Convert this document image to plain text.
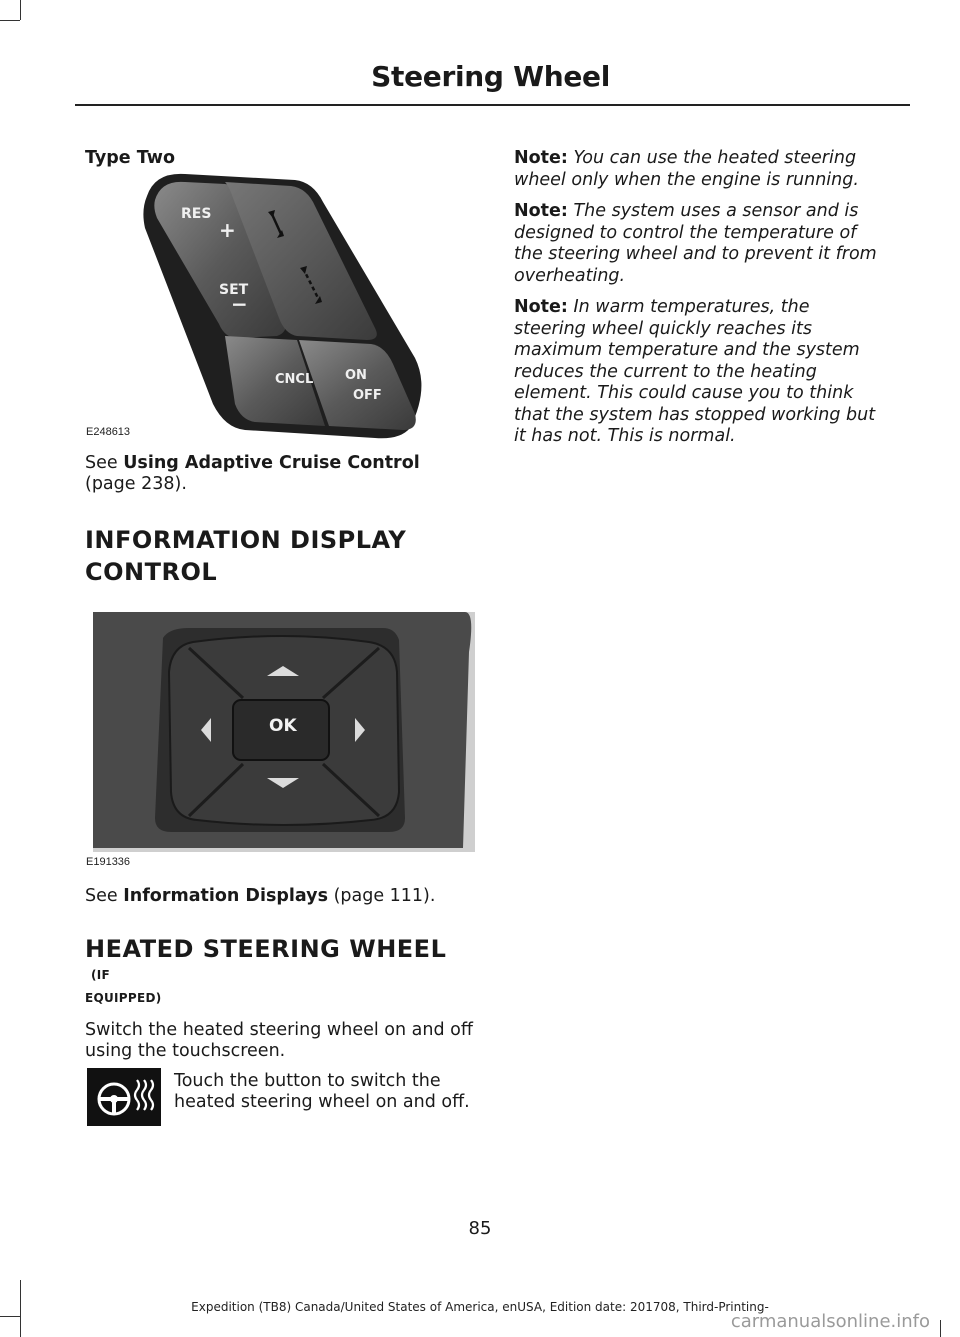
Steering Wheel
Type Two
RES
+
SET
−
CNCL ON
OFF
E248613
See Using Adaptive Cruise Control
(page 238).
INFORMATION DISPLAY
CONTROL
OK
E191336
See Information Displays (page 111).
HEATED STEERING WHEEL (IF
EQUIPPED)
Switch the heated steering wheel on and off using the touchscreen.
Touch the button to switch the heated steering wheel on and off.

Note: You can use the heated steering wheel only when the engine is running.

Note: The system uses a sensor and is designed to control the temperature of the steering wheel and to prevent it from overheating.

Note: In warm temperatures, the steering wheel quickly reaches its maximum temperature and the system reduces the current to the heating element. This could cause you to think that the system has stopped working but it has not. This is normal.

85
Expedition (TB8) Canada/United States of America, enUSA, Edition date: 201708, Third-Printing-
carmanualsonline.info
